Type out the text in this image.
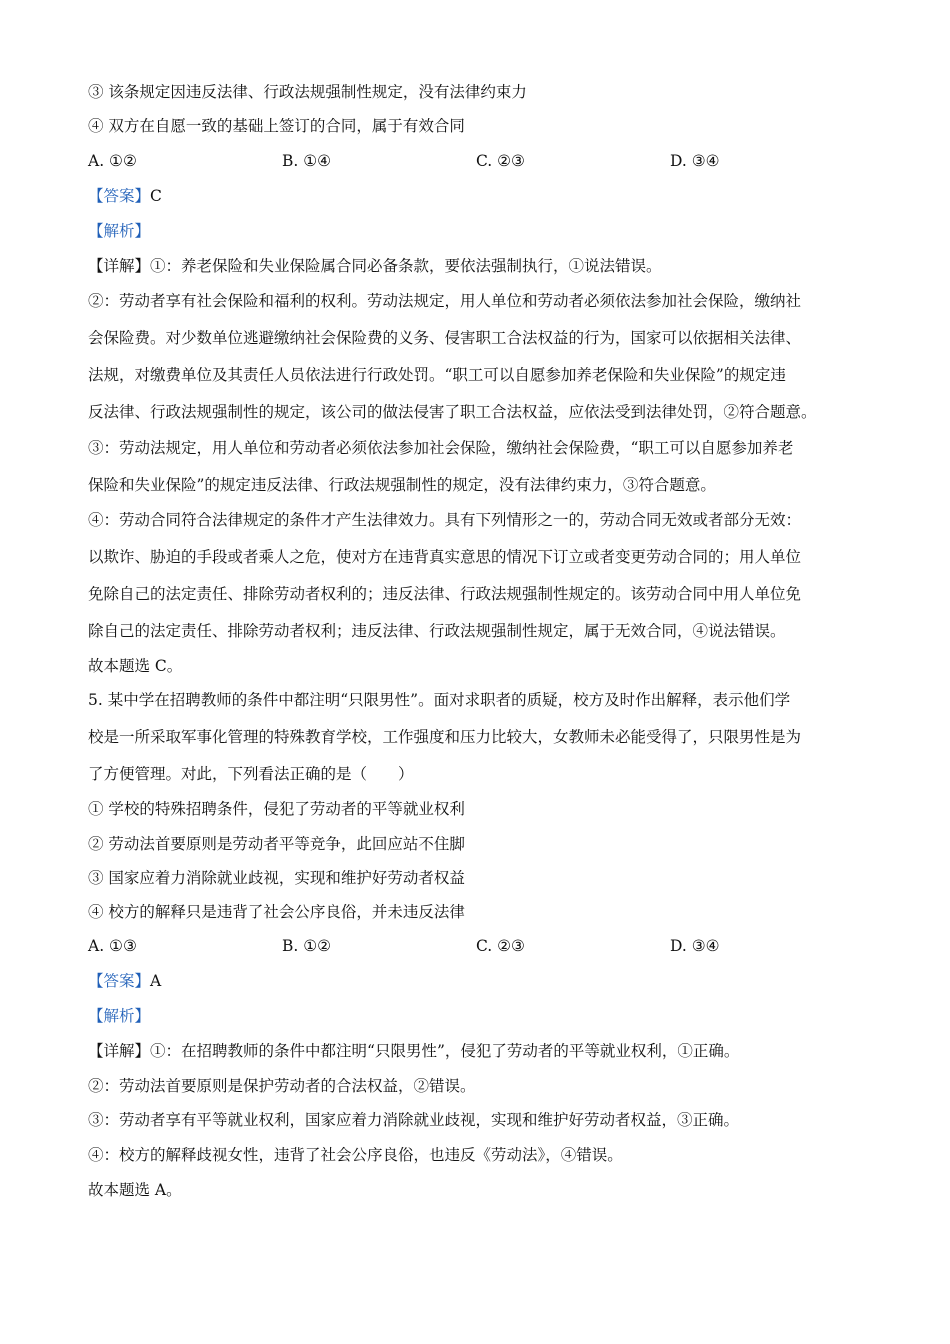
③ 该条规定因违反法律、行政法规强制性规定，没有法律约束力
④ 双方在自愿一致的基础上签订的合同，属于有效合同
A. ①②	B. ①④	C. ②③	D. ③④
【答案】C
【解析】
【详解】①：养老保险和失业保险属合同必备条款，要依法强制执行，①说法错误。
②：劳动者享有社会保险和福利的权利。劳动法规定，用人单位和劳动者必须依法参加社会保险，缴纳社
会保险费。对少数单位逃避缴纳社会保险费的义务、侵害职工合法权益的行为，国家可以依据相关法律、
法规，对缴费单位及其责任人员依法进行行政处罚。“职工可以自愿参加养老保险和失业保险”的规定违
反法律、行政法规强制性的规定，该公司的做法侵害了职工合法权益，应依法受到法律处罚，②符合题意。
③：劳动法规定，用人单位和劳动者必须依法参加社会保险，缴纳社会保险费，“职工可以自愿参加养老
保险和失业保险”的规定违反法律、行政法规强制性的规定，没有法律约束力，③符合题意。
④：劳动合同符合法律规定的条件才产生法律效力。具有下列情形之一的，劳动合同无效或者部分无效：
以欺诈、胁迫的手段或者乘人之危，使对方在违背真实意思的情况下订立或者变更劳动合同的；用人单位
免除自己的法定责任、排除劳动者权利的；违反法律、行政法规强制性规定的。该劳动合同中用人单位免
除自己的法定责任、排除劳动者权利；违反法律、行政法规强制性规定，属于无效合同，④说法错误。
故本题选 C。
5. 某中学在招聘教师的条件中都注明“只限男性”。面对求职者的质疑，校方及时作出解释，表示他们学
校是一所采取军事化管理的特殊教育学校，工作强度和压力比较大，女教师未必能受得了，只限男性是为
了方便管理。对此，下列看法正确的是（　　）
① 学校的特殊招聘条件，侵犯了劳动者的平等就业权利
② 劳动法首要原则是劳动者平等竞争，此回应站不住脚
③ 国家应着力消除就业歧视，实现和维护好劳动者权益
④ 校方的解释只是违背了社会公序良俗，并未违反法律
A. ①③	B. ①②	C. ②③	D. ③④
【答案】A
【解析】
【详解】①：在招聘教师的条件中都注明“只限男性”，侵犯了劳动者的平等就业权利，①正确。
②：劳动法首要原则是保护劳动者的合法权益，②错误。
③：劳动者享有平等就业权利，国家应着力消除就业歧视，实现和维护好劳动者权益，③正确。
④：校方的解释歧视女性，违背了社会公序良俗，也违反《劳动法》，④错误。
故本题选 A。
